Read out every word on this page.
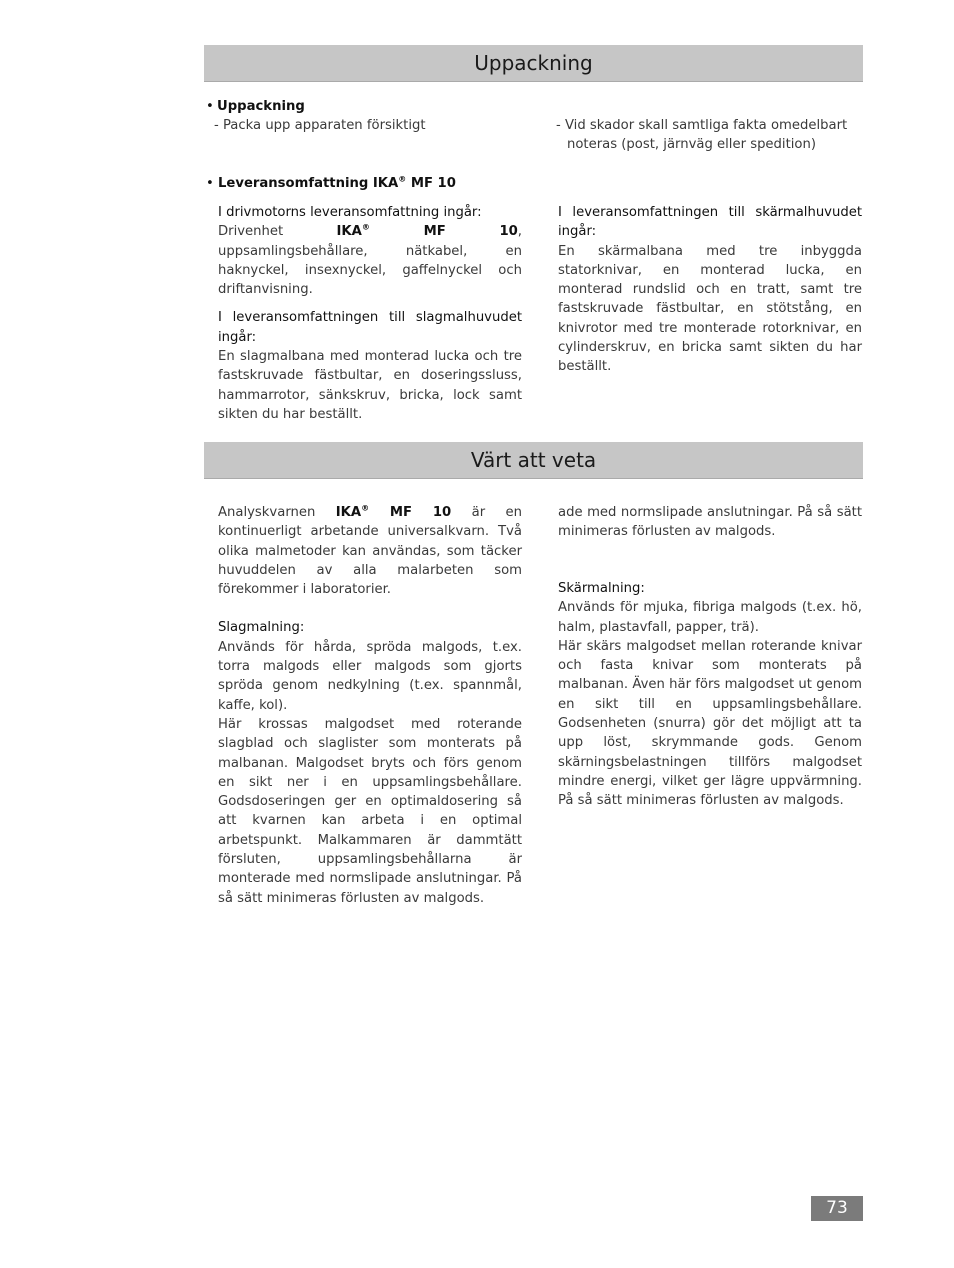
Uppackning
• Uppackning
- Packa upp apparaten försiktigt	- Vid skador skall samtliga fakta omedelbart noteras (post, järnväg eller spedition)
• Leveransomfattning IKA® MF 10

I drivmotorns leveransomfattning ingår:

Drivenhet IKA® MF 10, uppsamlingsbehållare, nätkabel, en haknyckel, insexnyckel, gaffelnyckel och driftanvisning.

I leveransomfattningen till slagmalhuvudet ingår:

En slagmalbana med monterad lucka och tre fastskruvade fästbultar, en doseringssluss, hammarrotor, sänkskruv, bricka, lock samt sikten du har beställt.

I leveransomfattningen till skärmalhuvudet ingår:

En skärmalbana med tre inbyggda statorknivar, en monterad lucka, en monterad rundslid och en tratt, samt tre fastskruvade fästbultar, en stötstång, en knivrotor med tre monterade rotorknivar, en cylinderskruv, en bricka samt sikten du har beställt.

Värt att veta

Analyskvarnen IKA® MF 10 är en kontinuerligt arbetande universalkvarn. Två olika malmetoder kan användas, som täcker huvuddelen av alla malarbeten som förekommer i laboratorier.

Slagmalning:

Används för hårda, spröda malgods, t.ex. torra malgods eller malgods som gjorts spröda genom nedkylning (t.ex. spannmål, kaffe, kol).

Här krossas malgodset med roterande slagblad och slaglister som monterats på malbanan. Malgodset bryts och förs genom en sikt ner i en uppsamlingsbehållare. Godsdoseringen ger en optimaldosering så att kvarnen kan arbeta i en optimal arbetspunkt. Malkammaren är dammtätt försluten, uppsamlingsbehållarna är monterade med normslipade anslutningar. På så sätt minimeras förlusten av malgods.

ade med normslipade anslutningar. På så sätt minimeras förlusten av malgods.

Skärmalning:

Används för mjuka, fibriga malgods (t.ex. hö, halm, plastavfall, papper, trä).

Här skärs malgodset mellan roterande knivar och fasta knivar som monterats på malbanan. Även här förs malgodset ut genom en sikt till en uppsamlingsbehållare. Godsenheten (snurra) gör det möjligt att ta upp löst, skrymmande gods. Genom skärningsbelastningen tillförs malgodset mindre energi, vilket ger lägre uppvärmning. På så sätt minimeras förlusten av malgods.

73
